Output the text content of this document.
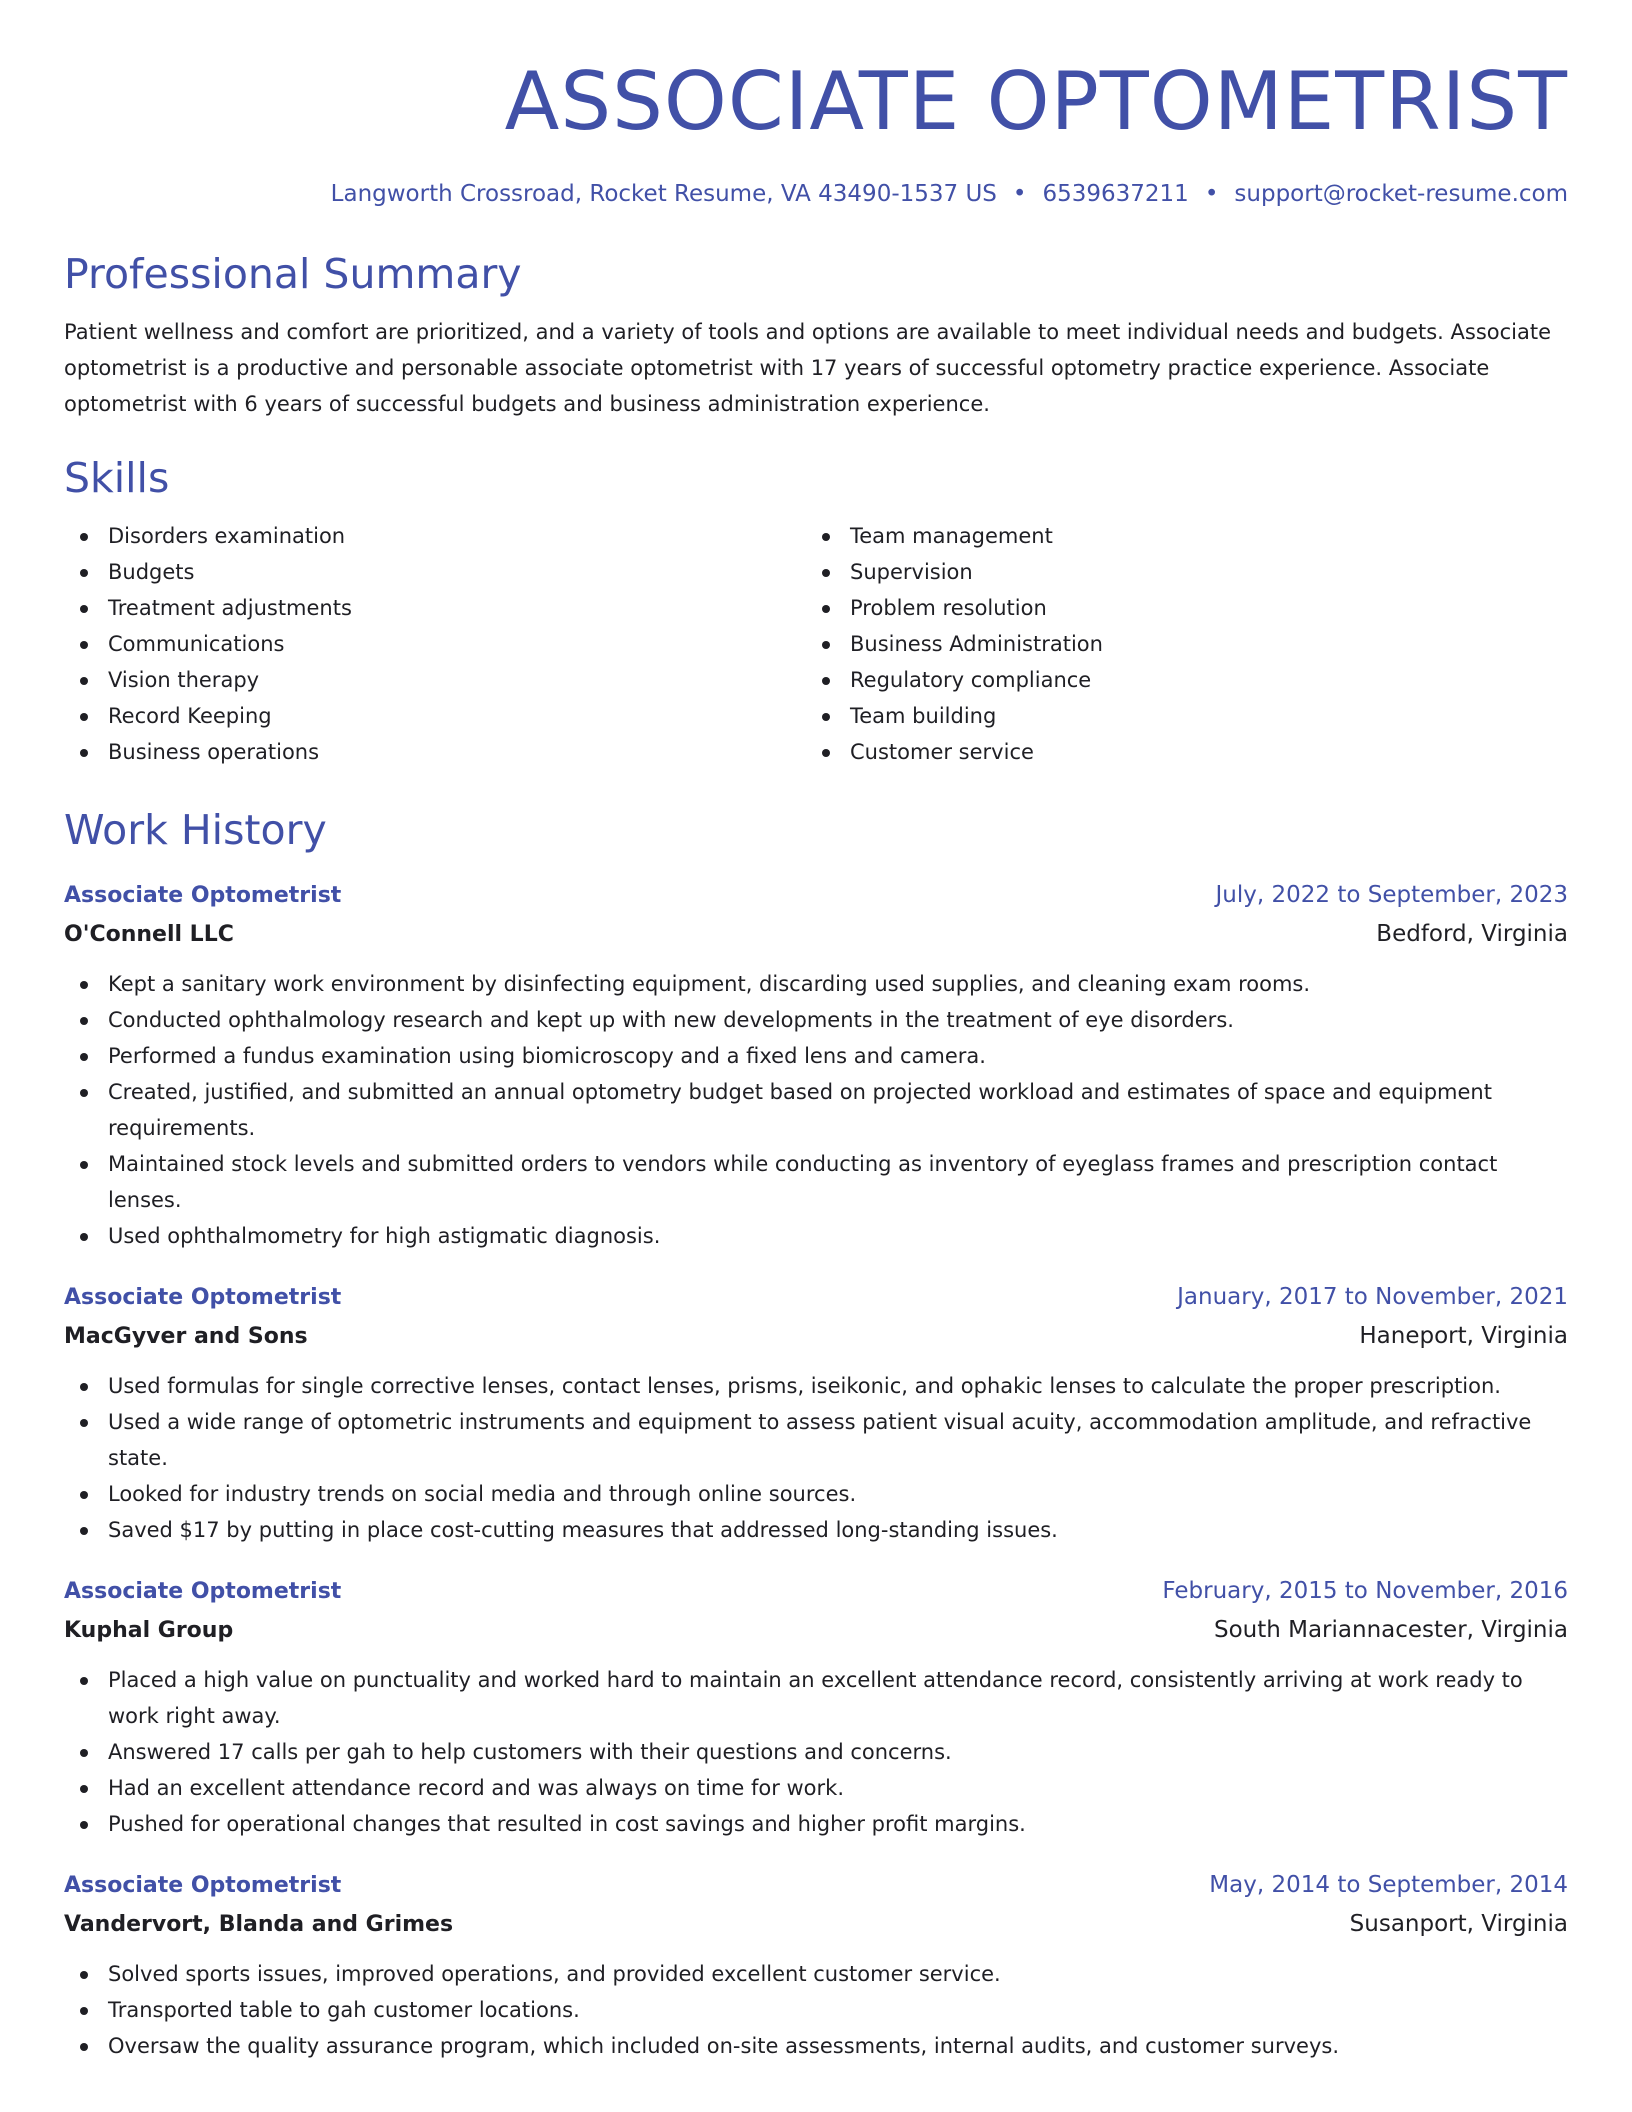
ASSOCIATE OPTOMETRIST
Langworth Crossroad, Rocket Resume, VA 43490-1537 US • 6539637211 • support@rocket-resume.com
Professional Summary

Patient wellness and comfort are prioritized, and a variety of tools and options are available to meet individual needs and budgets. Associate optometrist is a productive and personable associate optometrist with 17 years of successful optometry practice experience. Associate optometrist with 6 years of successful budgets and business administration experience.

Skills
Disorders examination
Budgets
Treatment adjustments
Communications
Vision therapy
Record Keeping
Business operations
Team management
Supervision
Problem resolution
Business Administration
Regulatory compliance
Team building
Customer service
Work History
Associate Optometrist	July, 2022 to September, 2023
O'Connell LLC	Bedford, Virginia
Kept a sanitary work environment by disinfecting equipment, discarding used supplies, and cleaning exam rooms.
Conducted ophthalmology research and kept up with new developments in the treatment of eye disorders.
Performed a fundus examination using biomicroscopy and a fixed lens and camera.
Created, justified, and submitted an annual optometry budget based on projected workload and estimates of space and equipment requirements.
Maintained stock levels and submitted orders to vendors while conducting as inventory of eyeglass frames and prescription contact lenses.
Used ophthalmometry for high astigmatic diagnosis.
Associate Optometrist	January, 2017 to November, 2021
MacGyver and Sons	Haneport, Virginia
Used formulas for single corrective lenses, contact lenses, prisms, iseikonic, and ophakic lenses to calculate the proper prescription.
Used a wide range of optometric instruments and equipment to assess patient visual acuity, accommodation amplitude, and refractive state.
Looked for industry trends on social media and through online sources.
Saved $17 by putting in place cost-cutting measures that addressed long-standing issues.
Associate Optometrist	February, 2015 to November, 2016
Kuphal Group	South Mariannacester, Virginia
Placed a high value on punctuality and worked hard to maintain an excellent attendance record, consistently arriving at work ready to work right away.
Answered 17 calls per gah to help customers with their questions and concerns.
Had an excellent attendance record and was always on time for work.
Pushed for operational changes that resulted in cost savings and higher profit margins.
Associate Optometrist	May, 2014 to September, 2014
Vandervort, Blanda and Grimes	Susanport, Virginia
Solved sports issues, improved operations, and provided excellent customer service.
Transported table to gah customer locations.
Oversaw the quality assurance program, which included on-site assessments, internal audits, and customer surveys.
